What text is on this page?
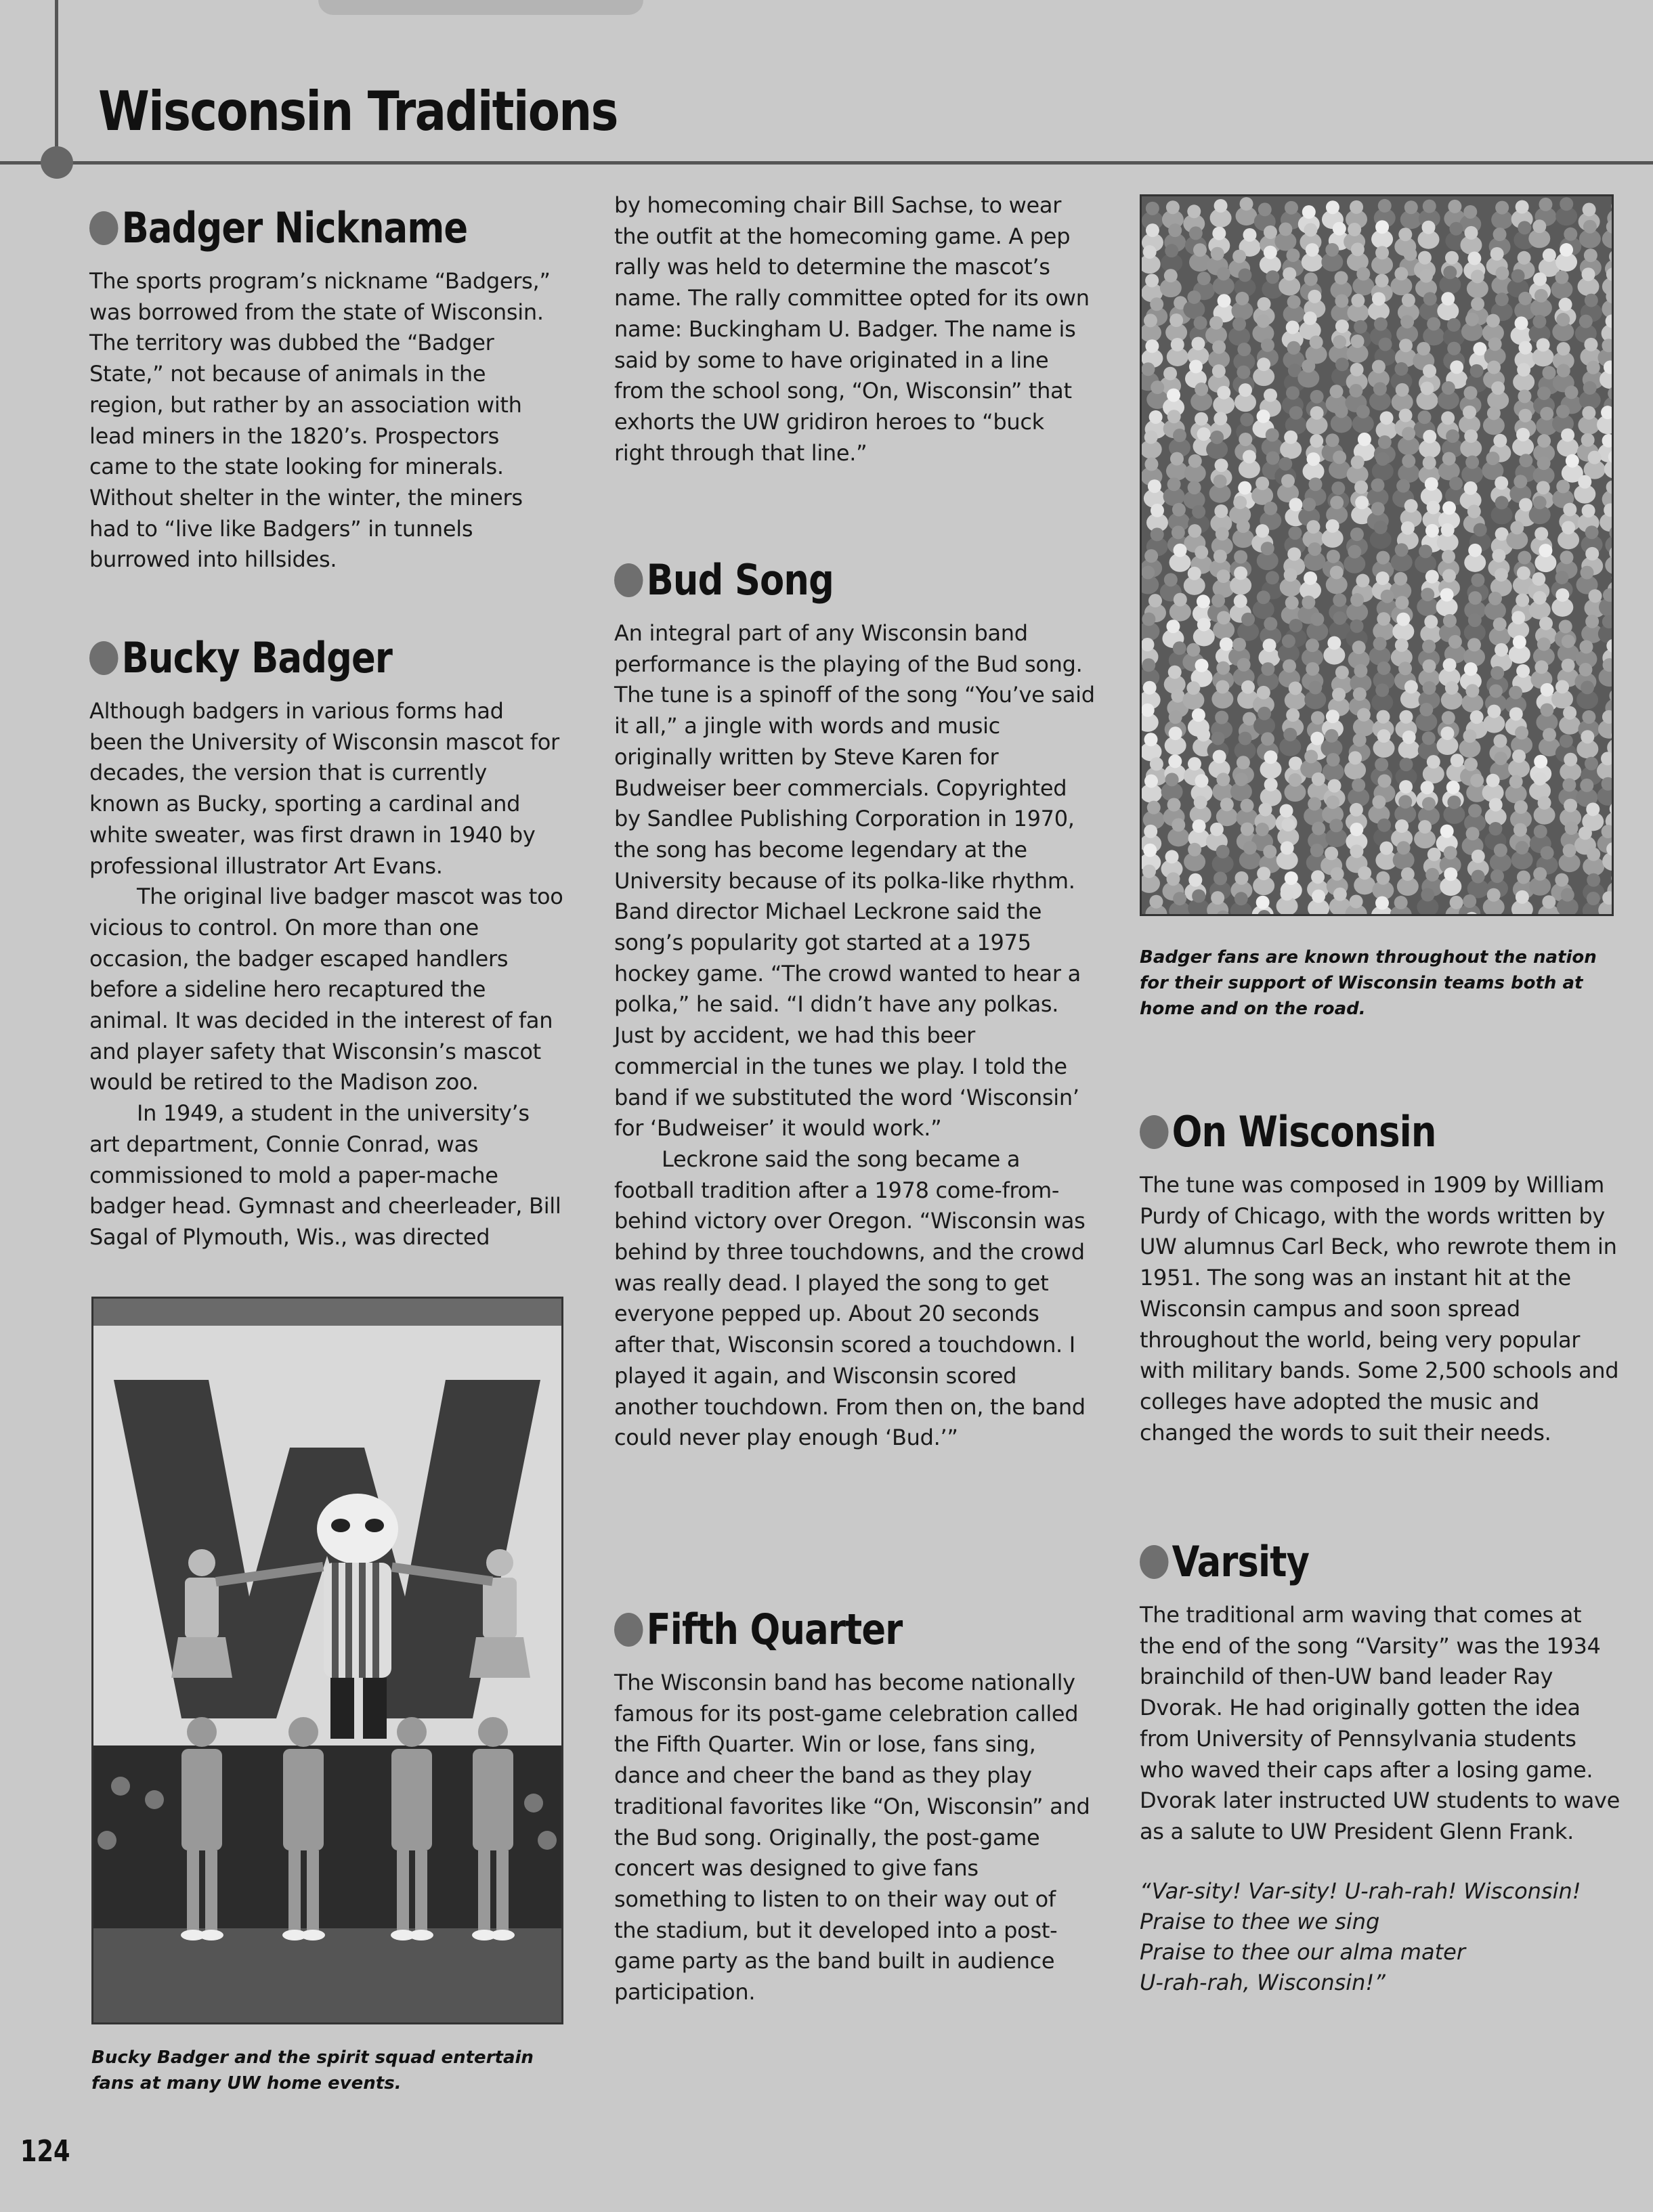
Wisconsin Traditions
Badger Nickname

The sports program’s nickname “Badgers,” was borrowed from the state of Wisconsin. The territory was dubbed the “Badger State,” not because of animals in the region, but rather by an association with lead miners in the 1820’s. Prospectors came to the state looking for minerals. Without shelter in the winter, the miners had to “live like Badgers” in tunnels burrowed into hillsides.

Bucky Badger

Although badgers in various forms had been the University of Wisconsin mascot for decades, the version that is currently known as Bucky, sporting a cardinal and white sweater, was first drawn in 1940 by professional illustrator Art Evans.

The original live badger mascot was too vicious to control. On more than one occasion, the badger escaped handlers before a sideline hero recaptured the animal. It was decided in the interest of fan and player safety that Wisconsin’s mascot would be retired to the Madison zoo.

In 1949, a student in the university’s art department, Connie Conrad, was commissioned to mold a paper-mache badger head. Gymnast and cheerleader, Bill Sagal of Plymouth, Wis., was directed

Bucky Badger and the spirit squad entertain fans at many UW home events.

by homecoming chair Bill Sachse, to wear the outfit at the homecoming game. A pep rally was held to determine the mascot’s name. The rally committee opted for its own name: Buckingham U. Badger. The name is said by some to have originated in a line from the school song, “On, Wisconsin” that exhorts the UW gridiron heroes to “buck right through that line.”

Bud Song

An integral part of any Wisconsin band performance is the playing of the Bud song. The tune is a spinoff of the song “You’ve said it all,” a jingle with words and music originally written by Steve Karen for Budweiser beer commercials. Copyrighted by Sandlee Publishing Corporation in 1970, the song has become legendary at the University because of its polka-like rhythm. Band director Michael Leckrone said the song’s popularity got started at a 1975 hockey game. “The crowd wanted to hear a polka,” he said. “I didn’t have any polkas. Just by accident, we had this beer commercial in the tunes we play. I told the band if we substituted the word ‘Wisconsin’ for ‘Budweiser’ it would work.”

Leckrone said the song became a football tradition after a 1978 come-from-behind victory over Oregon. “Wisconsin was behind by three touchdowns, and the crowd was really dead. I played the song to get everyone pepped up. About 20 seconds after that, Wisconsin scored a touchdown. I played it again, and Wisconsin scored another touchdown. From then on, the band could never play enough ‘Bud.’”

Fifth Quarter

The Wisconsin band has become nationally famous for its post-game celebration called the Fifth Quarter. Win or lose, fans sing, dance and cheer the band as they play traditional favorites like “On, Wisconsin” and the Bud song. Originally, the post-game concert was designed to give fans something to listen to on their way out of the stadium, but it developed into a post-game party as the band built in audience participation.

Badger fans are known throughout the nation for their support of Wisconsin teams both at home and on the road.
On Wisconsin

The tune was composed in 1909 by William Purdy of Chicago, with the words written by UW alumnus Carl Beck, who rewrote them in 1951. The song was an instant hit at the Wisconsin campus and soon spread throughout the world, being very popular with military bands. Some 2,500 schools and colleges have adopted the music and changed the words to suit their needs.

Varsity

The traditional arm waving that comes at the end of the song “Varsity” was the 1934 brainchild of then-UW band leader Ray Dvorak. He had originally gotten the idea from University of Pennsylvania students who waved their caps after a losing game. Dvorak later instructed UW students to wave as a salute to UW President Glenn Frank.

“Var-sity! Var-sity! U-rah-rah! Wisconsin!
Praise to thee we sing
Praise to thee our alma mater
U-rah-rah, Wisconsin!”
124
